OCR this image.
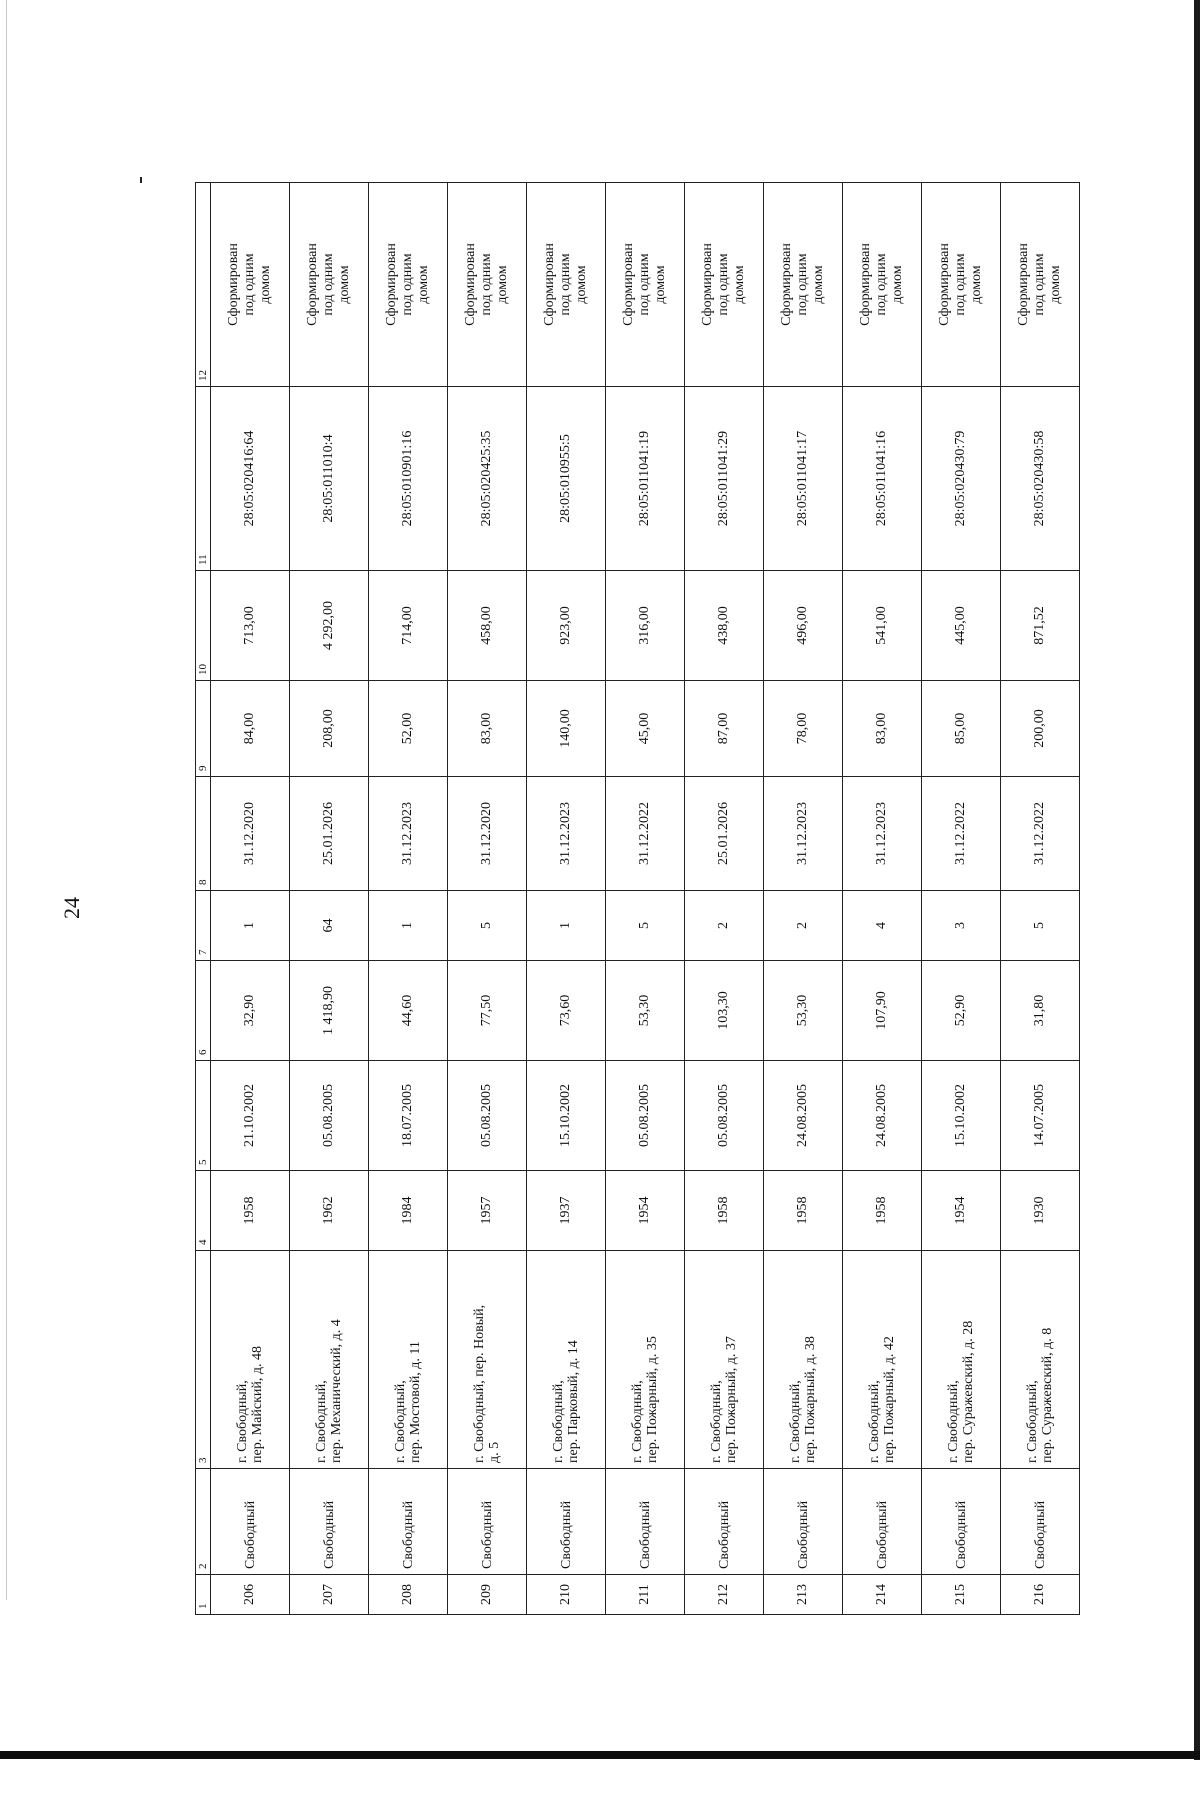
24
1	2	3	4	5	6	7	8	9	10	11	12
206	Свободный	г. Свободный,
пер. Майский, д. 48	1958	21.10.2002	32,90	1	31.12.2020	84,00	713,00	28:05:020416:64	Сформирован
под одним
домом
207	Свободный	г. Свободный,
пер. Механический, д. 4	1962	05.08.2005	1 418,90	64	25.01.2026	208,00	4 292,00	28:05:011010:4	Сформирован
под одним
домом
208	Свободный	г. Свободный,
пер. Мостовой, д. 11	1984	18.07.2005	44,60	1	31.12.2023	52,00	714,00	28:05:010901:16	Сформирован
под одним
домом
209	Свободный	г. Свободный, пер. Новый,
д. 5	1957	05.08.2005	77,50	5	31.12.2020	83,00	458,00	28:05:020425:35	Сформирован
под одним
домом
210	Свободный	г. Свободный,
пер. Парковый, д. 14	1937	15.10.2002	73,60	1	31.12.2023	140,00	923,00	28:05:010955:5	Сформирован
под одним
домом
211	Свободный	г. Свободный,
пер. Пожарный, д. 35	1954	05.08.2005	53,30	5	31.12.2022	45,00	316,00	28:05:011041:19	Сформирован
под одним
домом
212	Свободный	г. Свободный,
пер. Пожарный, д. 37	1958	05.08.2005	103,30	2	25.01.2026	87,00	438,00	28:05:011041:29	Сформирован
под одним
домом
213	Свободный	г. Свободный,
пер. Пожарный, д. 38	1958	24.08.2005	53,30	2	31.12.2023	78,00	496,00	28:05:011041:17	Сформирован
под одним
домом
214	Свободный	г. Свободный,
пер. Пожарный, д. 42	1958	24.08.2005	107,90	4	31.12.2023	83,00	541,00	28:05:011041:16	Сформирован
под одним
домом
215	Свободный	г. Свободный,
пер. Суражевский, д. 28	1954	15.10.2002	52,90	3	31.12.2022	85,00	445,00	28:05:020430:79	Сформирован
под одним
домом
216	Свободный	г. Свободный,
пер. Суражевский, д. 8	1930	14.07.2005	31,80	5	31.12.2022	200,00	871,52	28:05:020430:58	Сформирован
под одним
домом
